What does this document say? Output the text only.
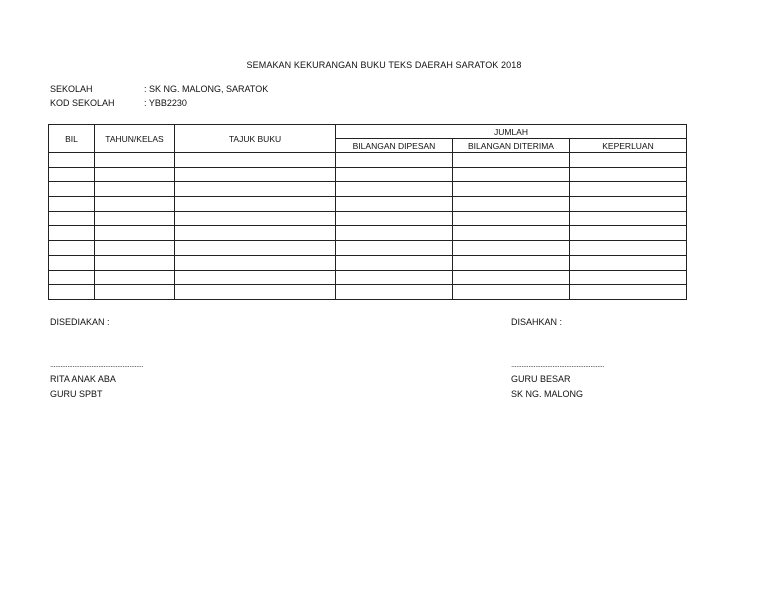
SEMAKAN KEKURANGAN BUKU TEKS DAERAH SARATOK 2018
SEKOLAH	: SK NG. MALONG, SARATOK
KOD SEKOLAH	: YBB2230
BIL	TAHUN/KELAS	TAJUK BUKU	JUMLAH		
			BILANGAN DIPESAN	BILANGAN DITERIMA	KEPERLUAN

DISEDIAKAN :
......................................................
RITA ANAK ABA
GURU SPBT
DISAHKAN :
......................................................
GURU BESAR
SK NG. MALONG
